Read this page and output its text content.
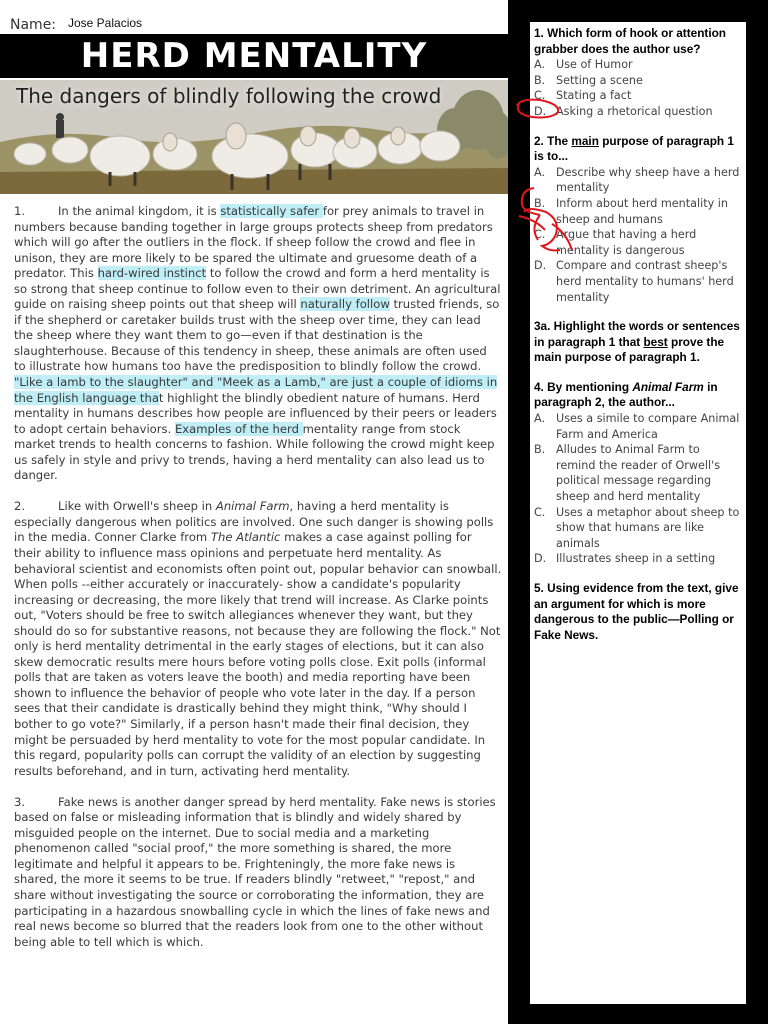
Name: Jose Palacios
HERD MENTALITY
The dangers of blindly following the crowd

1.	In the animal kingdom, it is statistically safer for prey animals to travel in numbers because banding together in large groups protects sheep from predators which will go after the outliers in the flock. If sheep follow the crowd and flee in unison, they are more likely to be spared the ultimate and gruesome death of a predator. This hard-wired instinct to follow the crowd and form a herd mentality is so strong that sheep continue to follow even to their own detriment. An agricultural guide on raising sheep points out that sheep will naturally follow trusted friends, so if the shepherd or caretaker builds trust with the sheep over time, they can lead the sheep where they want them to go—even if that destination is the slaughterhouse. Because of this tendency in sheep, these animals are often used to illustrate how humans too have the predisposition to blindly follow the crowd. "Like a lamb to the slaughter" and "Meek as a Lamb," are just a couple of idioms in the English language that highlight the blindly obedient nature of humans. Herd mentality in humans describes how people are influenced by their peers or leaders to adopt certain behaviors. Examples of the herd mentality range from stock market trends to health concerns to fashion. While following the crowd might keep us safely in style and privy to trends, having a herd mentality can also lead us to danger.

2.	Like with Orwell's sheep in Animal Farm, having a herd mentality is especially dangerous when politics are involved. One such danger is showing polls in the media. Conner Clarke from The Atlantic makes a case against polling for their ability to influence mass opinions and perpetuate herd mentality. As behavioral scientist and economists often point out, popular behavior can snowball. When polls --either accurately or inaccurately- show a candidate's popularity increasing or decreasing, the more likely that trend will increase. As Clarke points out, "Voters should be free to switch allegiances whenever they want, but they should do so for substantive reasons, not because they are following the flock." Not only is herd mentality detrimental in the early stages of elections, but it can also skew democratic results mere hours before voting polls close. Exit polls (informal polls that are taken as voters leave the booth) and media reporting have been shown to influence the behavior of people who vote later in the day. If a person sees that their candidate is drastically behind they might think, "Why should I bother to go vote?" Similarly, if a person hasn't made their final decision, they might be persuaded by herd mentality to vote for the most popular candidate. In this regard, popularity polls can corrupt the validity of an election by suggesting results beforehand, and in turn, activating herd mentality.

3.	Fake news is another danger spread by herd mentality. Fake news is stories based on false or misleading information that is blindly and widely shared by misguided people on the internet. Due to social media and a marketing phenomenon called "social proof," the more something is shared, the more legitimate and helpful it appears to be. Frighteningly, the more fake news is shared, the more it seems to be true. If readers blindly "retweet," "repost," and share without investigating the source or corroborating the information, they are participating in a hazardous snowballing cycle in which the lines of fake news and real news become so blurred that the readers look from one to the other without being able to tell which is which.

1. Which form of hook or attention grabber does the author use?
A. Use of Humor
B. Setting a scene
C. Stating a fact
D. Asking a rhetorical question
2. The main purpose of paragraph 1 is to...
A. Describe why sheep have a herd mentality
B. Inform about herd mentality in sheep and humans
C. Argue that having a herd mentality is dangerous
D. Compare and contrast sheep's herd mentality to humans' herd mentality
3a. Highlight the words or sentences in paragraph 1 that best prove the main purpose of paragraph 1.
4. By mentioning Animal Farm in paragraph 2, the author...
A. Uses a simile to compare Animal Farm and America
B. Alludes to Animal Farm to remind the reader of Orwell's political message regarding sheep and herd mentality
C. Uses a metaphor about sheep to show that humans are like animals
D. Illustrates sheep in a setting
5. Using evidence from the text, give an argument for which is more dangerous to the public—Polling or Fake News.
